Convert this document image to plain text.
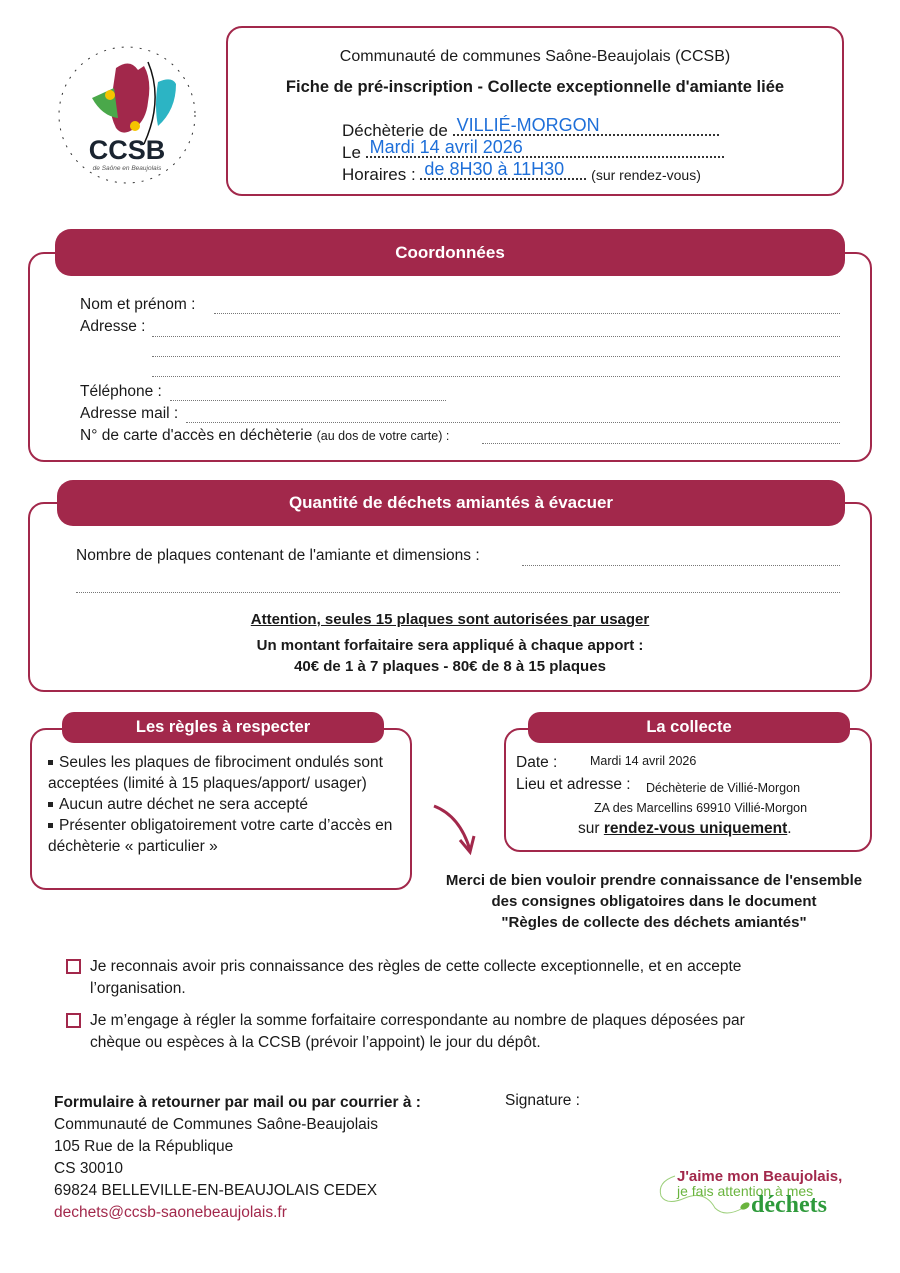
CCSB
de Saône en Beaujolais
Communauté de communes Saône-Beaujolais (CCSB)
Fiche de pré-inscription - Collecte exceptionnelle d'amiante liée
Déchèterie de VILLIÉ-MORGON
Le Mardi 14 avril 2026
Horaires : de 8H30 à 11H30 (sur rendez-vous)
Nom et prénom :
Adresse :
Téléphone :
Adresse mail :
N° de carte d'accès en déchèterie (au dos de votre carte) :
Coordonnées
Nombre de plaques contenant de l'amiante et dimensions :
Attention, seules 15 plaques sont autorisées par usager
Un montant forfaitaire sera appliqué à chaque apport :
40€ de 1 à 7 plaques - 80€ de 8 à 15 plaques
Quantité de déchets amiantés à évacuer
Seules les plaques de fibrociment ondulés sont acceptées (limité à 15 plaques/apport/ usager)
Aucun autre déchet ne sera accepté
Présenter obligatoirement votre carte d’accès en déchèterie « particulier »
Les règles à respecter
Date :	Mardi 14 avril 2026
Lieu et adresse : Déchèterie de Villié-Morgon
ZA des Marcellins 69910 Villié-Morgon
sur rendez-vous uniquement.
La collecte
Merci de bien vouloir prendre connaissance de l'ensemble
des consignes obligatoires dans le document
"Règles de collecte des déchets amiantés"
Je reconnais avoir pris connaissance des règles de cette collecte exceptionnelle, et en accepte
l’organisation.
Je m’engage à régler la somme forfaitaire correspondante au nombre de plaques déposées par
chèque ou espèces à la CCSB (prévoir l’appoint) le jour du dépôt.
Formulaire à retourner par mail ou par courrier à :
Communauté de Communes Saône-Beaujolais
105 Rue de la République
CS 30010
69824 BELLEVILLE-EN-BEAUJOLAIS CEDEX
dechets@ccsb-saonebeaujolais.fr
Signature :
J'aime mon Beaujolais,
je fais attention à mes
déchets
